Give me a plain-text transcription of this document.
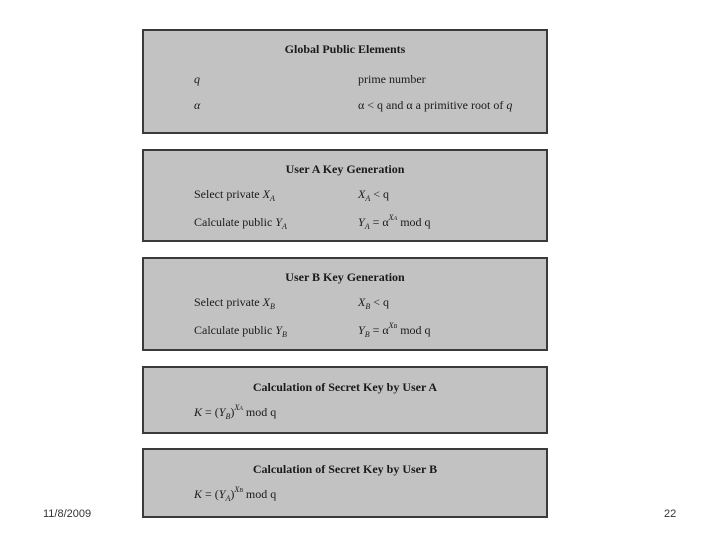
Global Public Elements
q	prime number
α	α < q and α a primitive root of q
User A Key Generation
Select private $X_A$	$X_A < q$
Calculate public $Y_A$	$Y_A = \alpha^{XA}$ mod q
User B Key Generation
Select private $X_B$	$X_B < q$
Calculate public $Y_B$	$Y_B = \alpha^{XB}$ mod q
Calculation of Secret Key by User A
$K = (Y_B)^{XA}$ mod q
Calculation of Secret Key by User B
$K = (Y_A)^{XB}$ mod q
11/8/2009	22
